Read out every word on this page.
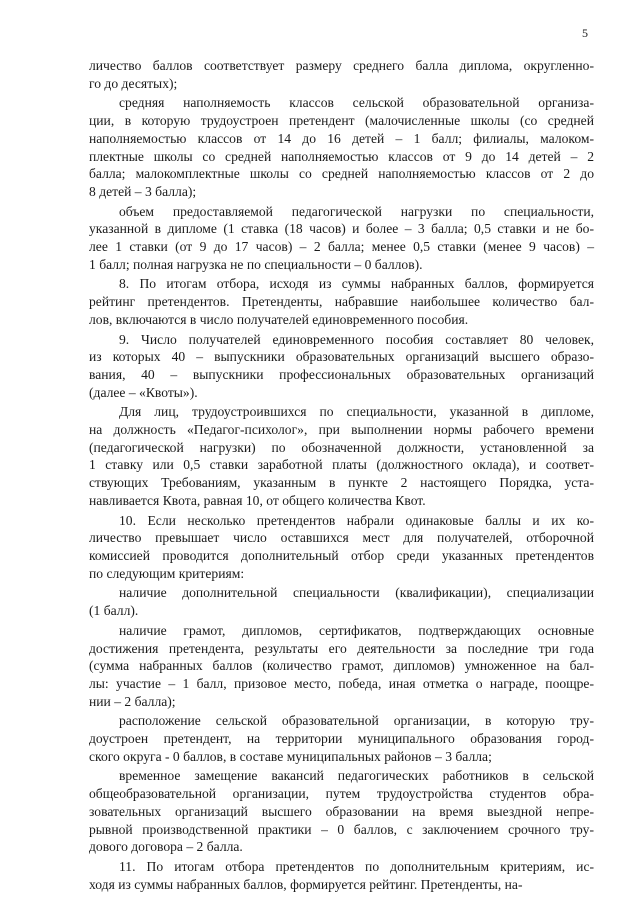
5
личество баллов соответствует размеру среднего балла диплома, округленно-
го до десятых);
средняя наполняемость классов сельской образовательной организа-
ции, в которую трудоустроен претендент (малочисленные школы (со средней
наполняемостью классов от 14 до 16 детей – 1 балл; филиалы, малоком-
плектные школы со средней наполняемостью классов от 9 до 14 детей – 2
балла; малокомплектные школы со средней наполняемостью классов от 2 до
8 детей – 3 балла);
объем предоставляемой педагогической нагрузки по специальности,
указанной в дипломе (1 ставка (18 часов) и более – 3 балла; 0,5 ставки и не бо-
лее 1 ставки (от 9 до 17 часов) – 2 балла; менее 0,5 ставки (менее 9 часов) –
1 балл; полная нагрузка не по специальности – 0 баллов).
8. По итогам отбора, исходя из суммы набранных баллов, формируется
рейтинг претендентов. Претенденты, набравшие наибольшее количество бал-
лов, включаются в число получателей единовременного пособия.
9. Число получателей единовременного пособия составляет 80 человек,
из которых 40 – выпускники образовательных организаций высшего образо-
вания, 40 – выпускники профессиональных образовательных организаций
(далее – «Квоты»).
Для лиц, трудоустроившихся по специальности, указанной в дипломе,
на должность «Педагог-психолог», при выполнении нормы рабочего времени
(педагогической нагрузки) по обозначенной должности, установленной за
1 ставку или 0,5 ставки заработной платы (должностного оклада), и соответ-
ствующих Требованиям, указанным в пункте 2 настоящего Порядка, уста-
навливается Квота, равная 10, от общего количества Квот.
10. Если несколько претендентов набрали одинаковые баллы и их ко-
личество превышает число оставшихся мест для получателей, отборочной
комиссией проводится дополнительный отбор среди указанных претендентов
по следующим критериям:
наличие дополнительной специальности (квалификации), специализации
(1 балл).
наличие грамот, дипломов, сертификатов, подтверждающих основные
достижения претендента, результаты его деятельности за последние три года
(сумма набранных баллов (количество грамот, дипломов) умноженное на бал-
лы: участие – 1 балл, призовое место, победа, иная отметка о награде, поощре-
нии – 2 балла);
расположение сельской образовательной организации, в которую тру-
доустроен претендент, на территории муниципального образования город-
ского округа - 0 баллов, в составе муниципальных районов – 3 балла;
временное замещение вакансий педагогических работников в сельской
общеобразовательной организации, путем трудоустройства студентов обра-
зовательных организаций высшего образовании на время выездной непре-
рывной производственной практики – 0 баллов, с заключением срочного тру-
дового договора – 2 балла.
11. По итогам отбора претендентов по дополнительным критериям, ис-
ходя из суммы набранных баллов, формируется рейтинг. Претенденты, на-
